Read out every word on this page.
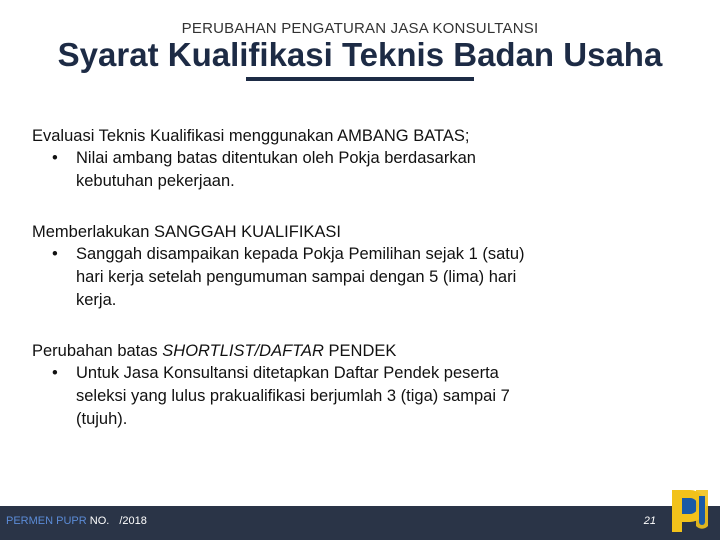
PERUBAHAN PENGATURAN JASA KONSULTANSI
Syarat Kualifikasi Teknis Badan Usaha
Evaluasi Teknis Kualifikasi menggunakan AMBANG BATAS;
•	Nilai ambang batas ditentukan oleh Pokja berdasarkan kebutuhan pekerjaan.
Memberlakukan SANGGAH KUALIFIKASI
•	Sanggah disampaikan kepada Pokja Pemilihan sejak 1 (satu) hari kerja setelah pengumuman sampai dengan 5 (lima) hari kerja.
Perubahan batas SHORTLIST/DAFTAR PENDEK
•	Untuk Jasa Konsultansi ditetapkan Daftar Pendek peserta seleksi yang lulus prakualifikasi berjumlah 3 (tiga) sampai 7 (tujuh).
PERMEN PUPR NO. /2018	21
